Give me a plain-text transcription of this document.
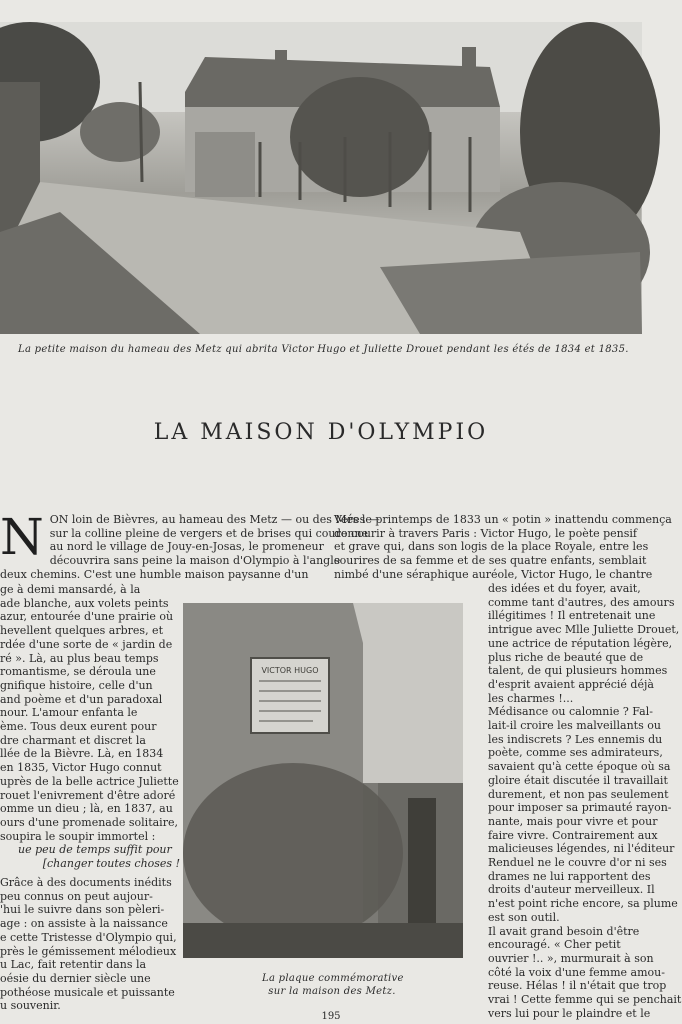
La petite maison du hameau des Metz qui abrita Victor Hugo et Juliette Drouet pendant les étés de 1834 et 1835.
LA MAISON D'OLYMPIO
N ON loin de Bièvres, au hameau des Metz — ou des Mées —
sur la colline pleine de vergers et de brises qui couronne
au nord le village de Jouy-en-Josas, le promeneur
découvrira sans peine la maison d'Olympio à l'angle
deux chemins. C'est une humble maison paysanne d'un
ge à demi mansardé, à la
ade blanche, aux volets peints
azur, entourée d'une prairie où
hevellent quelques arbres, et
rdée d'une sorte de « jardin de
ré ». Là, au plus beau temps
romantisme, se déroula une
gnifique histoire, celle d'un
and poème et d'un paradoxal
nour. L'amour enfanta le
ème. Tous deux eurent pour
dre charmant et discret la
llée de la Bièvre. Là, en 1834
en 1835, Victor Hugo connut
uprès de la belle actrice Juliette
rouet l'enivrement d'être adoré
omme un dieu ; là, en 1837, au
ours d'une promenade solitaire,
soupira le soupir immortel :
ue peu de temps suffit pour
[changer toutes choses !
Grâce à des documents inédits
peu connus on peut aujour-
'hui le suivre dans son pèleri-
age : on assiste à la naissance
e cette Tristesse d'Olympio qui,
près le gémissement mélodieux
u Lac, fait retentir dans la
oésie du dernier siècle une
pothéose musicale et puissante
u souvenir.
Vers le printemps de 1833 un « potin » inattendu commença
de courir à travers Paris : Victor Hugo, le poète pensif
et grave qui, dans son logis de la place Royale, entre les
sourires de sa femme et de ses quatre enfants, semblait
nimbé d'une séraphique auréole, Victor Hugo, le chantre
des idées et du foyer, avait,
comme tant d'autres, des amours
illégitimes ! Il entretenait une
intrigue avec Mlle Juliette Drouet,
une actrice de réputation légère,
plus riche de beauté que de
talent, de qui plusieurs hommes
d'esprit avaient apprécié déjà
les charmes !...
Médisance ou calomnie ? Fal-
lait-il croire les malveillants ou
les indiscrets ? Les ennemis du
poète, comme ses admirateurs,
savaient qu'à cette époque où sa
gloire était discutée il travaillait
durement, et non pas seulement
pour imposer sa primauté rayon-
nante, mais pour vivre et pour
faire vivre. Contrairement aux
malicieuses légendes, ni l'éditeur
Renduel ne le couvre d'or ni ses
drames ne lui rapportent des
droits d'auteur merveilleux. Il
n'est point riche encore, sa plume
est son outil.
Il avait grand besoin d'être
encouragé. « Cher petit
ouvrier !.. », murmurait à son
côté la voix d'une femme amou-
reuse. Hélas ! il n'était que trop
vrai ! Cette femme qui se penchait
vers lui pour le plaindre et le
VICTOR HUGO
La plaque commémorative
sur la maison des Metz.
195
